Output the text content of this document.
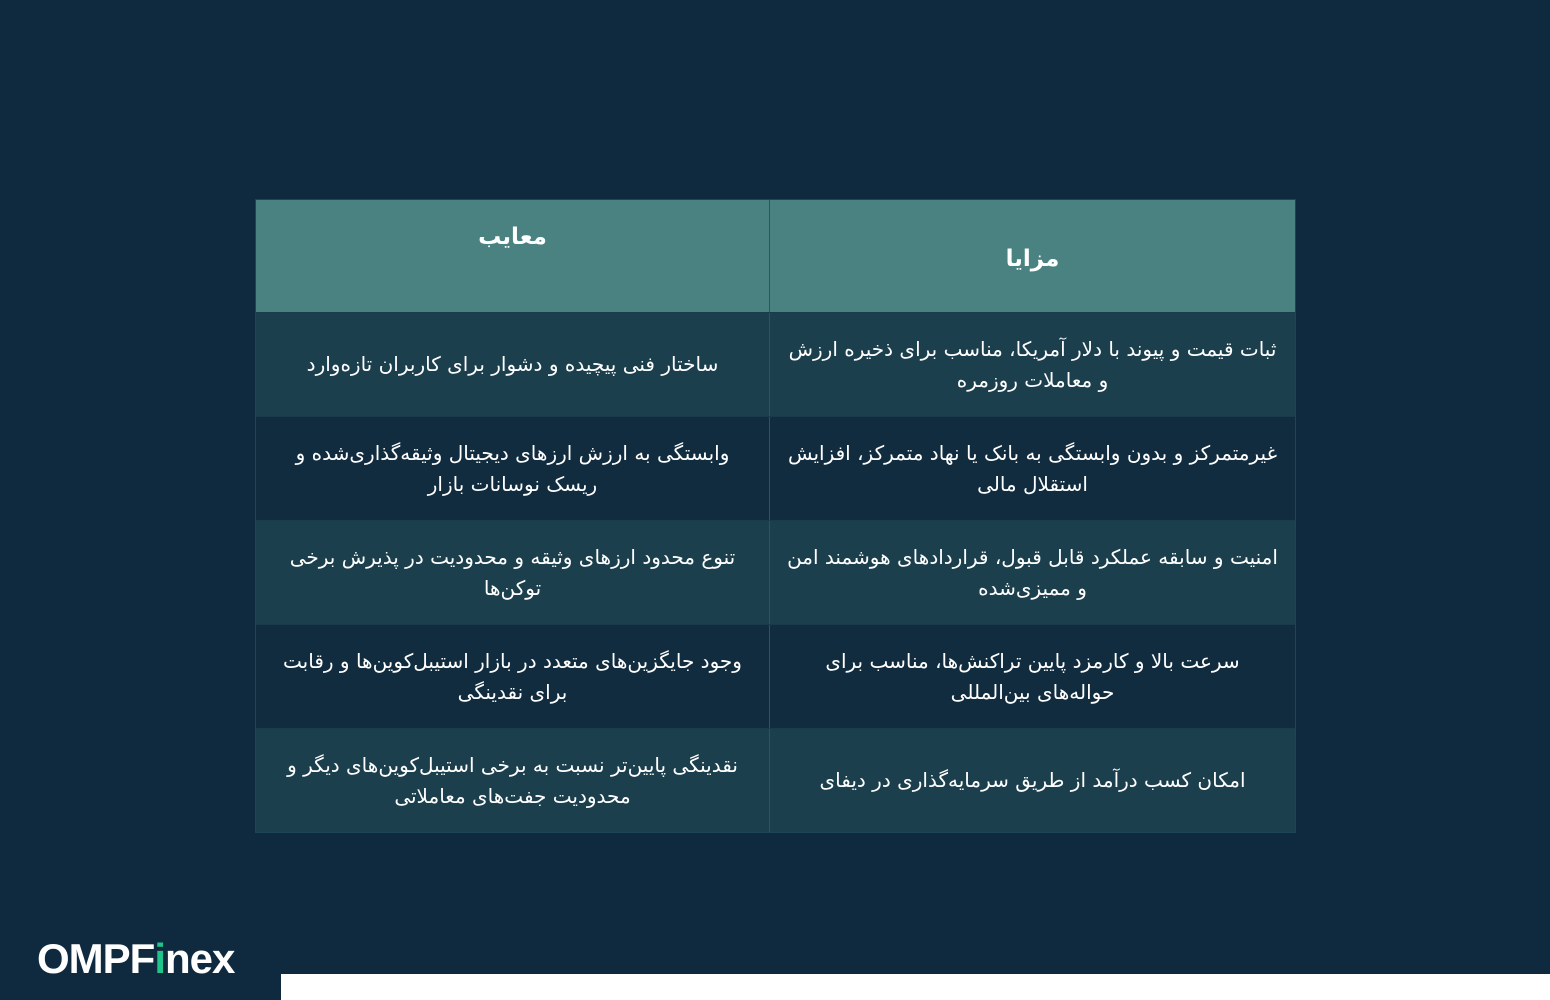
مزایا
معایب
ثبات قیمت و پیوند با دلار آمریکا، مناسب برای ذخیره ارزش و معاملات روزمره
ساختار فنی پیچیده و دشوار برای کاربران تازه‌وارد
غیرمتمرکز و بدون وابستگی به بانک یا نهاد متمرکز، افزایش استقلال مالی
وابستگی به ارزش ارزهای دیجیتال وثیقه‌گذاری‌شده و ریسک نوسانات بازار
امنیت و سابقه عملکرد قابل قبول، قراردادهای هوشمند امن و ممیزی‌شده
تنوع محدود ارزهای وثیقه و محدودیت در پذیرش برخی توکن‌ها
سرعت بالا و کارمزد پایین تراکنش‌ها، مناسب برای حواله‌های بین‌المللی
وجود جایگزین‌های متعدد در بازار استیبل‌کوین‌ها و رقابت برای نقدینگی
امکان کسب درآمد از طریق سرمایه‌گذاری در دیفای
نقدینگی پایین‌تر نسبت به برخی استیبل‌کوین‌های دیگر و محدودیت جفت‌های معاملاتی
OMPFinex
